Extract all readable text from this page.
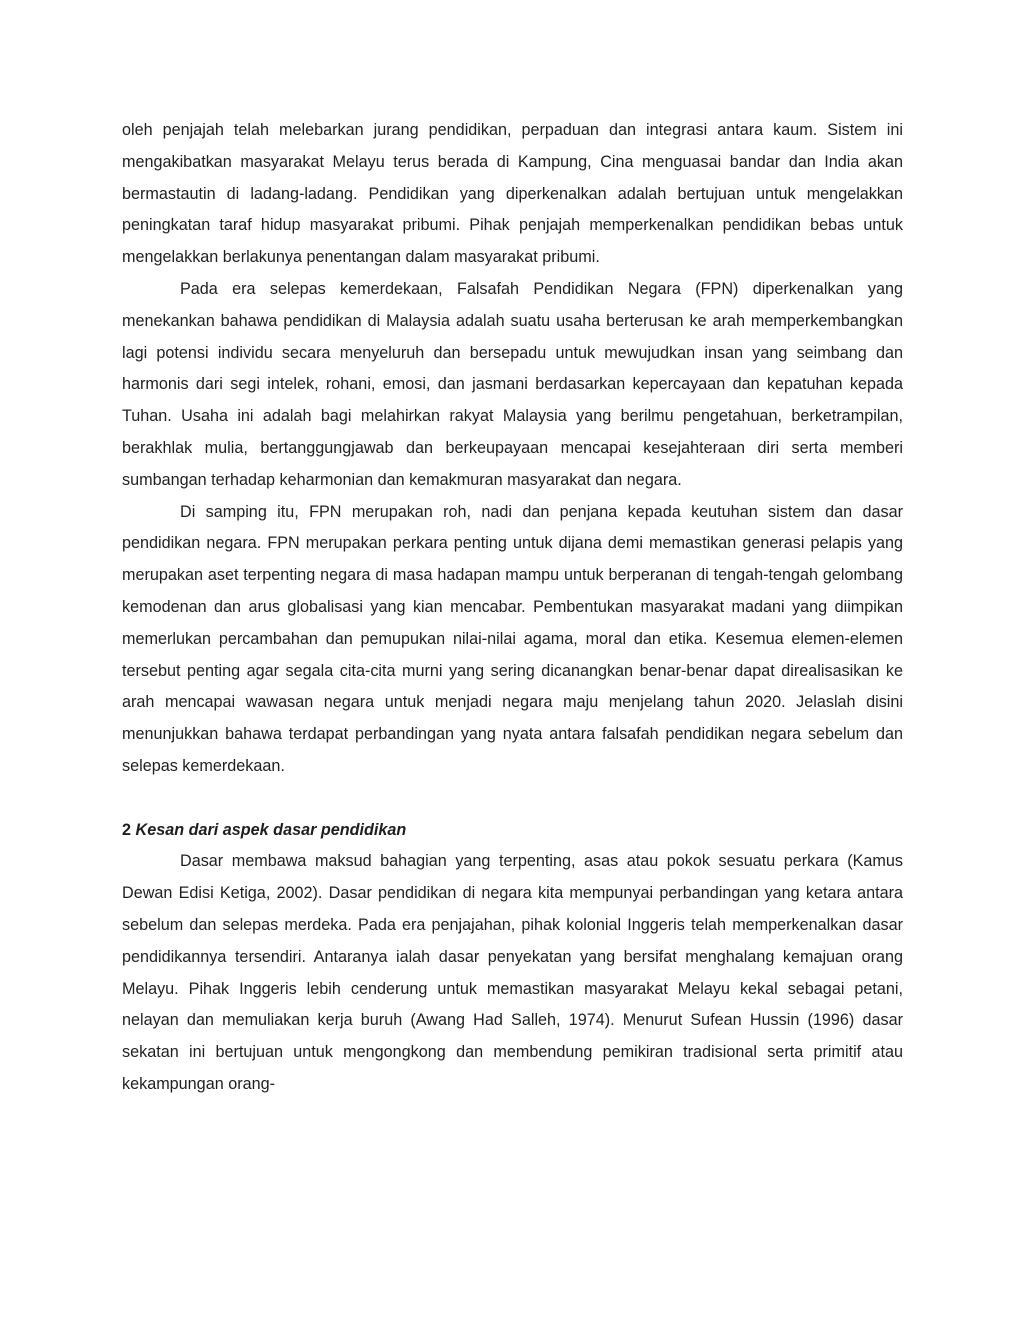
oleh penjajah telah melebarkan jurang pendidikan, perpaduan dan integrasi antara kaum. Sistem ini mengakibatkan masyarakat Melayu terus berada di Kampung, Cina menguasai bandar dan India akan bermastautin di ladang-ladang. Pendidikan yang diperkenalkan adalah bertujuan untuk mengelakkan peningkatan taraf hidup masyarakat pribumi. Pihak penjajah memperkenalkan pendidikan bebas untuk mengelakkan berlakunya penentangan dalam masyarakat pribumi.

Pada era selepas kemerdekaan, Falsafah Pendidikan Negara (FPN) diperkenalkan yang menekankan bahawa pendidikan di Malaysia adalah suatu usaha berterusan ke arah memperkembangkan lagi potensi individu secara menyeluruh dan bersepadu untuk mewujudkan insan yang seimbang dan harmonis dari segi intelek, rohani, emosi, dan jasmani berdasarkan kepercayaan dan kepatuhan kepada Tuhan. Usaha ini adalah bagi melahirkan rakyat Malaysia yang berilmu pengetahuan, berketrampilan, berakhlak mulia, bertanggungjawab dan berkeupayaan mencapai kesejahteraan diri serta memberi sumbangan terhadap keharmonian dan kemakmuran masyarakat dan negara.

Di samping itu, FPN merupakan roh, nadi dan penjana kepada keutuhan sistem dan dasar pendidikan negara. FPN merupakan perkara penting untuk dijana demi memastikan generasi pelapis yang merupakan aset terpenting negara di masa hadapan mampu untuk berperanan di tengah-tengah gelombang kemodenan dan arus globalisasi yang kian mencabar. Pembentukan masyarakat madani yang diimpikan memerlukan percambahan dan pemupukan nilai-nilai agama, moral dan etika. Kesemua elemen-elemen tersebut penting agar segala cita-cita murni yang sering dicanangkan benar-benar dapat direalisasikan ke arah mencapai wawasan negara untuk menjadi negara maju menjelang tahun 2020. Jelaslah disini menunjukkan bahawa terdapat perbandingan yang nyata antara falsafah pendidikan negara sebelum dan selepas kemerdekaan.

2 Kesan dari aspek dasar pendidikan

Dasar membawa maksud bahagian yang terpenting, asas atau pokok sesuatu perkara (Kamus Dewan Edisi Ketiga, 2002). Dasar pendidikan di negara kita mempunyai perbandingan yang ketara antara sebelum dan selepas merdeka. Pada era penjajahan, pihak kolonial Inggeris telah memperkenalkan dasar pendidikannya tersendiri. Antaranya ialah dasar penyekatan yang bersifat menghalang kemajuan orang Melayu. Pihak Inggeris lebih cenderung untuk memastikan masyarakat Melayu kekal sebagai petani, nelayan dan memuliakan kerja buruh (Awang Had Salleh, 1974). Menurut Sufean Hussin (1996) dasar sekatan ini bertujuan untuk mengongkong dan membendung pemikiran tradisional serta primitif atau kekampungan orang-
